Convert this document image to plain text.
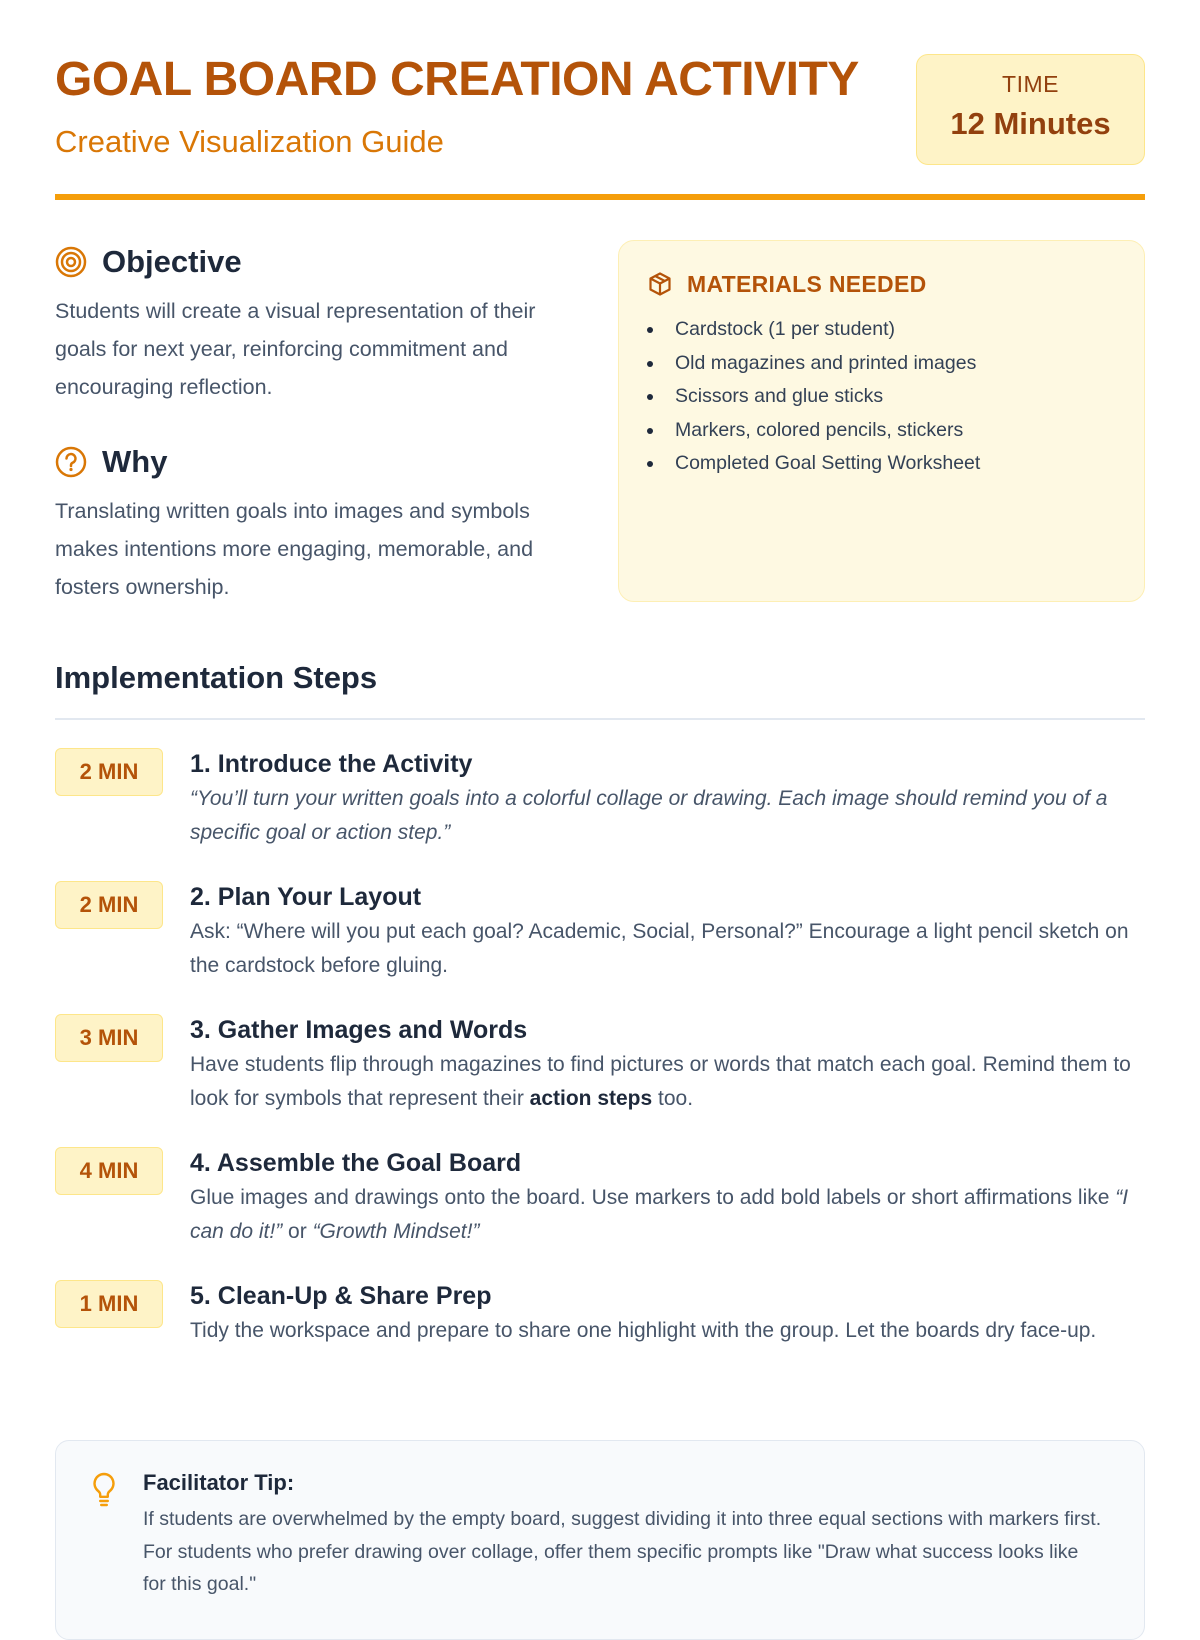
GOAL BOARD CREATION ACTIVITY
Creative Visualization Guide
TIME
12 Minutes
Objective

Students will create a visual representation of their goals for next year, reinforcing commitment and encouraging reflection.

Why

Translating written goals into images and symbols makes intentions more engaging, memorable, and fosters ownership.

MATERIALS NEEDED
Cardstock (1 per student)
Old magazines and printed images
Scissors and glue sticks
Markers, colored pencils, stickers
Completed Goal Setting Worksheet
Implementation Steps
2 MIN	1. Introduce the Activity
“You’ll turn your written goals into a colorful collage or drawing. Each image should remind you of a specific goal or action step.”
2 MIN	2. Plan Your Layout
Ask: “Where will you put each goal? Academic, Social, Personal?” Encourage a light pencil sketch on the cardstock before gluing.
3 MIN	3. Gather Images and Words
Have students flip through magazines to find pictures or words that match each goal. Remind them to look for symbols that represent their action steps too.
4 MIN	4. Assemble the Goal Board
Glue images and drawings onto the board. Use markers to add bold labels or short affirmations like “I can do it!” or “Growth Mindset!”
1 MIN	5. Clean-Up & Share Prep
Tidy the workspace and prepare to share one highlight with the group. Let the boards dry face-up.
Facilitator Tip:
If students are overwhelmed by the empty board, suggest dividing it into three equal sections with markers first. For students who prefer drawing over collage, offer them specific prompts like "Draw what success looks like for this goal."
